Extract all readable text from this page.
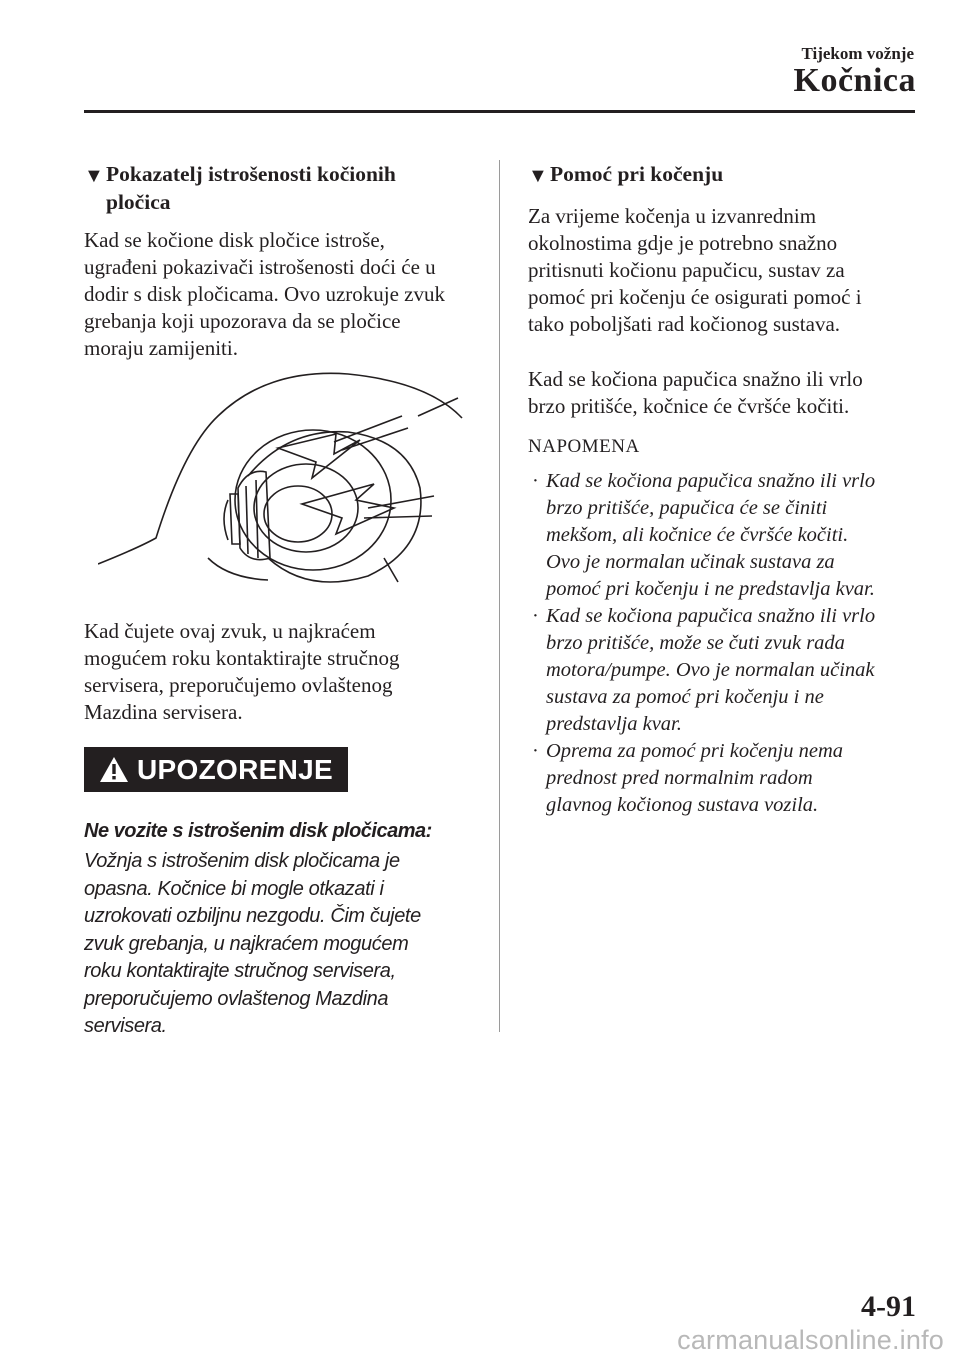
Tijekom vožnje
Kočnica
▼ Pokazatelj istrošenosti kočionih
pločica

Kad se kočione disk pločice istroše,
ugrađeni pokazivači istrošenosti doći će u
dodir s disk pločicama. Ovo uzrokuje zvuk
grebanja koji upozorava da se pločice
moraju zamijeniti.

Kad čujete ovaj zvuk, u najkraćem
mogućem roku kontaktirajte stručnog
servisera, preporučujemo ovlaštenog
Mazdina servisera.

UPOZORENJE
Ne vozite s istrošenim disk pločicama:

Vožnja s istrošenim disk pločicama je
opasna. Kočnice bi mogle otkazati i
uzrokovati ozbiljnu nezgodu. Čim čujete
zvuk grebanja, u najkraćem mogućem
roku kontaktirajte stručnog servisera,
preporučujemo ovlaštenog Mazdina
servisera.

▼ Pomoć pri kočenju

Za vrijeme kočenja u izvanrednim
okolnostima gdje je potrebno snažno
pritisnuti kočionu papučicu, sustav za
pomoć pri kočenju će osigurati pomoć i
tako poboljšati rad kočionog sustava.

Kad se kočiona papučica snažno ili vrlo
brzo pritišće, kočnice će čvršće kočiti.

NAPOMENA

· Kad se kočiona papučica snažno ili vrlo
brzo pritišće, papučica će se činiti
mekšom, ali kočnice će čvršće kočiti.
Ovo je normalan učinak sustava za
pomoć pri kočenju i ne predstavlja kvar.
· Kad se kočiona papučica snažno ili vrlo
brzo pritišće, može se čuti zvuk rada
motora/pumpe. Ovo je normalan učinak
sustava za pomoć pri kočenju i ne
predstavlja kvar.
· Oprema za pomoć pri kočenju nema
prednost pred normalnim radom
glavnog kočionog sustava vozila.
4-91
carmanualsonline.info
